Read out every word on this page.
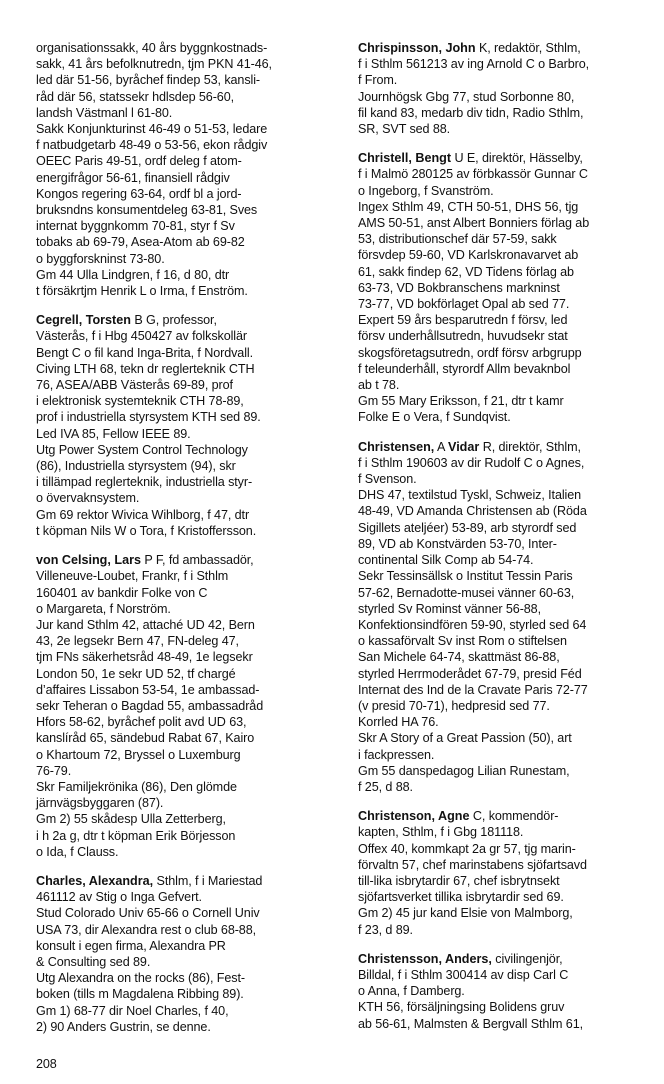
organisationssakk, 40 års byggnkostnads-
sakk, 41 års befolknutredn, tjm PKN 41-46,
led där 51-56, byråchef findep 53, kansli-
råd där 56, statssekr hdlsdep 56-60,
landsh Västmanl l 61-80.
Sakk Konjunkturinst 46-49 o 51-53, ledare
f natbudgetarb 48-49 o 53-56, ekon rådgiv
OEEC Paris 49-51, ordf deleg f atom-
energifrågor 56-61, finansiell rådgiv
Kongos regering 63-64, ordf bl a jord-
bruksndns konsumentdeleg 63-81, Sves
internat byggnkomm 70-81, styr f Sv
tobaks ab 69-79, Asea-Atom ab 69-82
o byggforskninst 73-80.
Gm 44 Ulla Lindgren, f 16, d 80, dtr
t försäkrtjm Henrik L o Irma, f Enström.
Cegrell, Torsten B G, professor,
Västerås, f i Hbg 450427 av folkskollär
Bengt C o fil kand Inga-Brita, f Nordvall.
Civing LTH 68, tekn dr reglerteknik CTH
76, ASEA/ABB Västerås 69-89, prof
i elektronisk systemteknik CTH 78-89,
prof i industriella styrsystem KTH sed 89.
Led IVA 85, Fellow IEEE 89.
Utg Power System Control Technology
(86), Industriella styrsystem (94), skr
i tillämpad reglerteknik, industriella styr-
o övervaknsystem.
Gm 69 rektor Wivica Wihlborg, f 47, dtr
t köpman Nils W o Tora, f Kristoffersson.
von Celsing, Lars P F, fd ambassadör,
Villeneuve-Loubet, Frankr, f i Sthlm
160401 av bankdir Folke von C
o Margareta, f Norström.
Jur kand Sthlm 42, attaché UD 42, Bern
43, 2e legsekr Bern 47, FN-deleg 47,
tjm FNs säkerhetsråd 48-49, 1e legsekr
London 50, 1e sekr UD 52, tf chargé
d’affaires Lissabon 53-54, 1e ambassad-
sekr Teheran o Bagdad 55, ambassadråd
Hfors 58-62, byråchef polit avd UD 63,
kanslíråd 65, sändebud Rabat 67, Kairo
o Khartoum 72, Bryssel o Luxemburg
76-79.
Skr Familjekrönika (86), Den glömde
järnvägsbyggaren (87).
Gm 2) 55 skådesp Ulla Zetterberg,
i h 2a g, dtr t köpman Erik Börjesson
o Ida, f Clauss.
Charles, Alexandra, Sthlm, f i Mariestad
461112 av Stig o Inga Gefvert.
Stud Colorado Univ 65-66 o Cornell Univ
USA 73, dir Alexandra rest o club 68-88,
konsult i egen firma, Alexandra PR
& Consulting sed 89.
Utg Alexandra on the rocks (86), Fest-
boken (tills m Magdalena Ribbing 89).
Gm 1) 68-77 dir Noel Charles, f 40,
2) 90 Anders Gustrin, se denne.
Chrispinsson, John K, redaktör, Sthlm,
f i Sthlm 561213 av ing Arnold C o Barbro,
f From.
Journhögsk Gbg 77, stud Sorbonne 80,
fil kand 83, medarb div tidn, Radio Sthlm,
SR, SVT sed 88.
Christell, Bengt U E, direktör, Hässelby,
f i Malmö 280125 av förbkassör Gunnar C
o Ingeborg, f Svanström.
Ingex Sthlm 49, CTH 50-51, DHS 56, tjg
AMS 50-51, anst Albert Bonniers förlag ab
53, distributionschef där 57-59, sakk
försvdep 59-60, VD Karlskronavarvet ab
61, sakk findep 62, VD Tidens förlag ab
63-73, VD Bokbranschens markninst
73-77, VD bokförlaget Opal ab sed 77.
Expert 59 års besparutredn f försv, led
försv underhållsutredn, huvudsekr stat
skogsföretagsutredn, ordf försv arbgrupp
f teleunderhåll, styrordf Allm bevaknbol
ab t 78.
Gm 55 Mary Eriksson, f 21, dtr t kamr
Folke E o Vera, f Sundqvist.
Christensen, A Vidar R, direktör, Sthlm,
f i Sthlm 190603 av dir Rudolf C o Agnes,
f Svenson.
DHS 47, textilstud Tyskl, Schweiz, Italien
48-49, VD Amanda Christensen ab (Röda
Sigillets ateljéer) 53-89, arb styrordf sed
89, VD ab Konstvärden 53-70, Inter-
continental Silk Comp ab 54-74.
Sekr Tessinsällsk o Institut Tessin Paris
57-62, Bernadotte-musei vänner 60-63,
styrled Sv Rominst vänner 56-88,
Konfektionsindfören 59-90, styrled sed 64
o kassaförvalt Sv inst Rom o stiftelsen
San Michele 64-74, skattmäst 86-88,
styrled Herrmoderådet 67-79, presid Féd
Internat des Ind de la Cravate Paris 72-77
(v presid 70-71), hedpresid sed 77.
Korrled HA 76.
Skr A Story of a Great Passion (50), art
i fackpressen.
Gm 55 danspedagog Lilian Runestam,
f 25, d 88.
Christenson, Agne C, kommendör-
kapten, Sthlm, f i Gbg 181118.
Offex 40, kommkapt 2a gr 57, tjg marin-
förvaltn 57, chef marinstabens sjöfartsavd
till-lika isbrytardir 67, chef isbrytnsekt
sjöfartsverket tillika isbrytardir sed 69.
Gm 2) 45 jur kand Elsie von Malmborg,
f 23, d 89.
Christensson, Anders, civilingenjör,
Billdal, f i Sthlm 300414 av disp Carl C
o Anna, f Damberg.
KTH 56, försäljningsing Bolidens gruv
ab 56-61, Malmsten & Bergvall Sthlm 61,
208
